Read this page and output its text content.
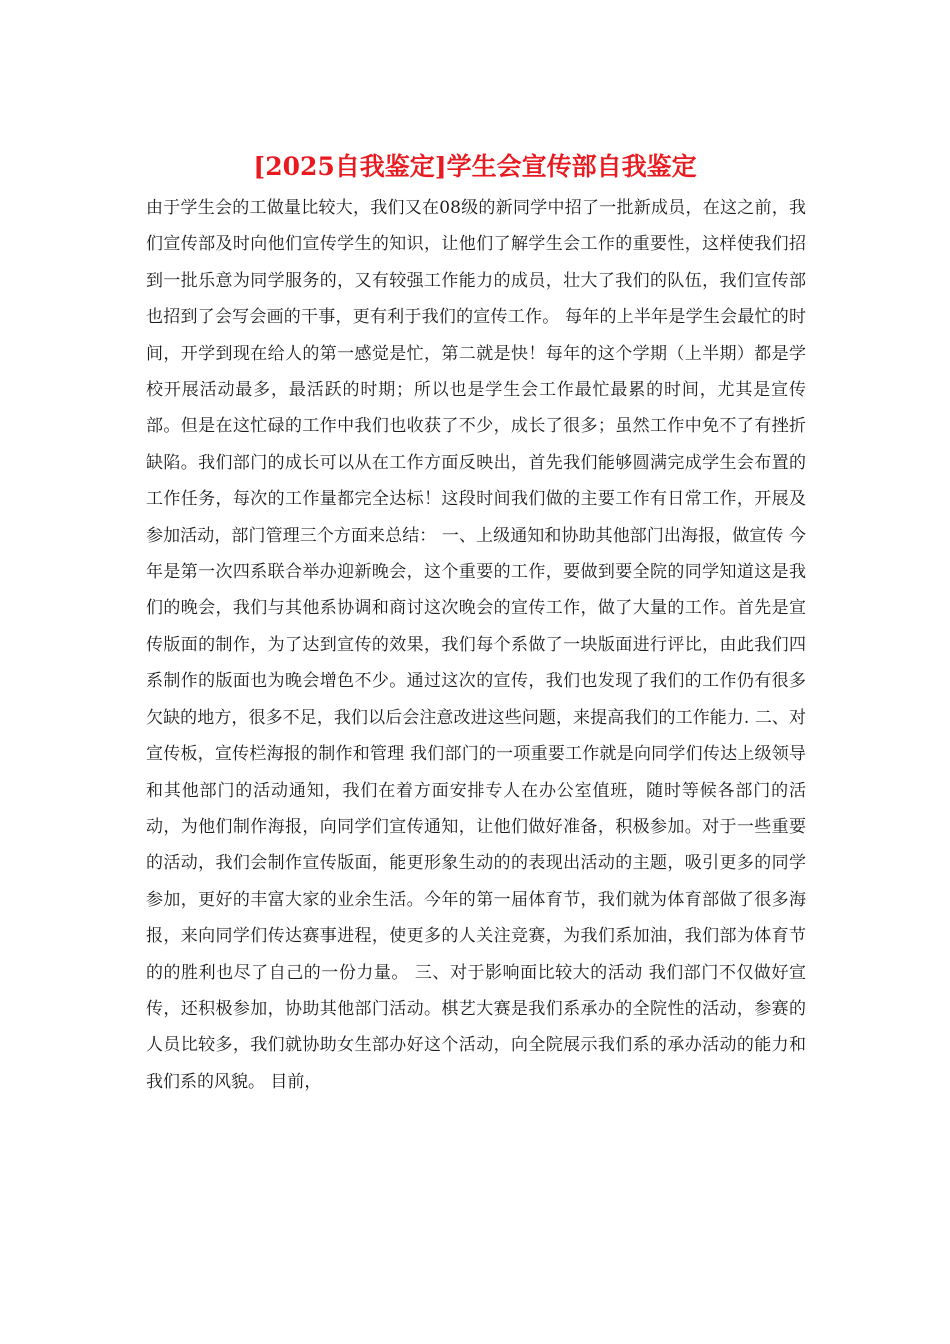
[2025自我鉴定]学生会宣传部自我鉴定

由于学生会的工做量比较大，我们又在08级的新同学中招了一批新成员，在这之前，我们宣传部及时向他们宣传学生的知识，让他们了解学生会工作的重要性，这样使我们招到一批乐意为同学服务的，又有较强工作能力的成员，壮大了我们的队伍，我们宣传部也招到了会写会画的干事，更有利于我们的宣传工作。 每年的上半年是学生会最忙的时间，开学到现在给人的第一感觉是忙，第二就是快！每年的这个学期（上半期）都是学校开展活动最多，最活跃的时期；所以也是学生会工作最忙最累的时间，尤其是宣传部。但是在这忙碌的工作中我们也收获了不少，成长了很多；虽然工作中免不了有挫折缺陷。我们部门的成长可以从在工作方面反映出，首先我们能够圆满完成学生会布置的工作任务，每次的工作量都完全达标！这段时间我们做的主要工作有日常工作，开展及参加活动，部门管理三个方面来总结： 一、上级通知和协助其他部门出海报，做宣传 今年是第一次四系联合举办迎新晚会，这个重要的工作，要做到要全院的同学知道这是我们的晚会，我们与其他系协调和商讨这次晚会的宣传工作，做了大量的工作。首先是宣传版面的制作，为了达到宣传的效果，我们每个系做了一块版面进行评比，由此我们四系制作的版面也为晚会增色不少。通过这次的宣传，我们也发现了我们的工作仍有很多欠缺的地方，很多不足，我们以后会注意改进这些问题，来提高我们的工作能力. 二、对宣传板，宣传栏海报的制作和管理 我们部门的一项重要工作就是向同学们传达上级领导和其他部门的活动通知，我们在着方面安排专人在办公室值班，随时等候各部门的活动，为他们制作海报，向同学们宣传通知，让他们做好准备，积极参加。对于一些重要的活动，我们会制作宣传版面，能更形象生动的的表现出活动的主题，吸引更多的同学参加，更好的丰富大家的业余生活。今年的第一届体育节，我们就为体育部做了很多海报，来向同学们传达赛事进程，使更多的人关注竞赛，为我们系加油，我们部为体育节的的胜利也尽了自己的一份力量。 三、对于影响面比较大的活动 我们部门不仅做好宣传，还积极参加，协助其他部门活动。棋艺大赛是我们系承办的全院性的活动，参赛的人员比较多，我们就协助女生部办好这个活动，向全院展示我们系的承办活动的能力和我们系的风貌。 目前，
